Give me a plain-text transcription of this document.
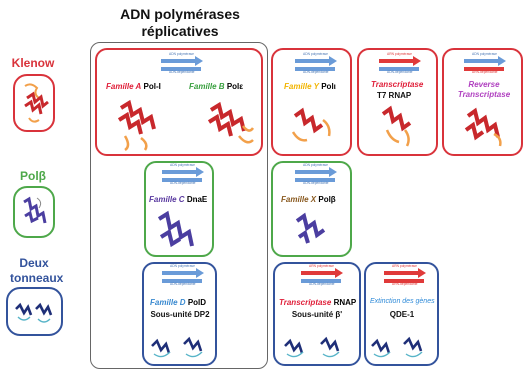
ADN polymérases réplicatives
Klenow
Polβ
Deux tonneaux
ADN polymérase
ADN-dépendante
Famille A Pol-I	Famille B Polε
ADN polymérase
ADN-dépendante
Famille C DnaE
ADN polymérase
ADN-dépendante
Famille D PolD
Sous-unité DP2
ADN polymérase
ADN-dépendante
Famille Y Polι
ARN polymérase
ADN-dépendante
Transcriptase
T7 RNAP
ADN polymérase
ARN-dépendante
Reverse Transcriptase
ADN polymérase
ADN-dépendante
Famille X Polβ
ARN polymérase
ADN-dépendante
Transcriptase RNAP
Sous-unité β'
ARN polymérase
ARN-dépendante
Extinction des gènes
QDE-1
